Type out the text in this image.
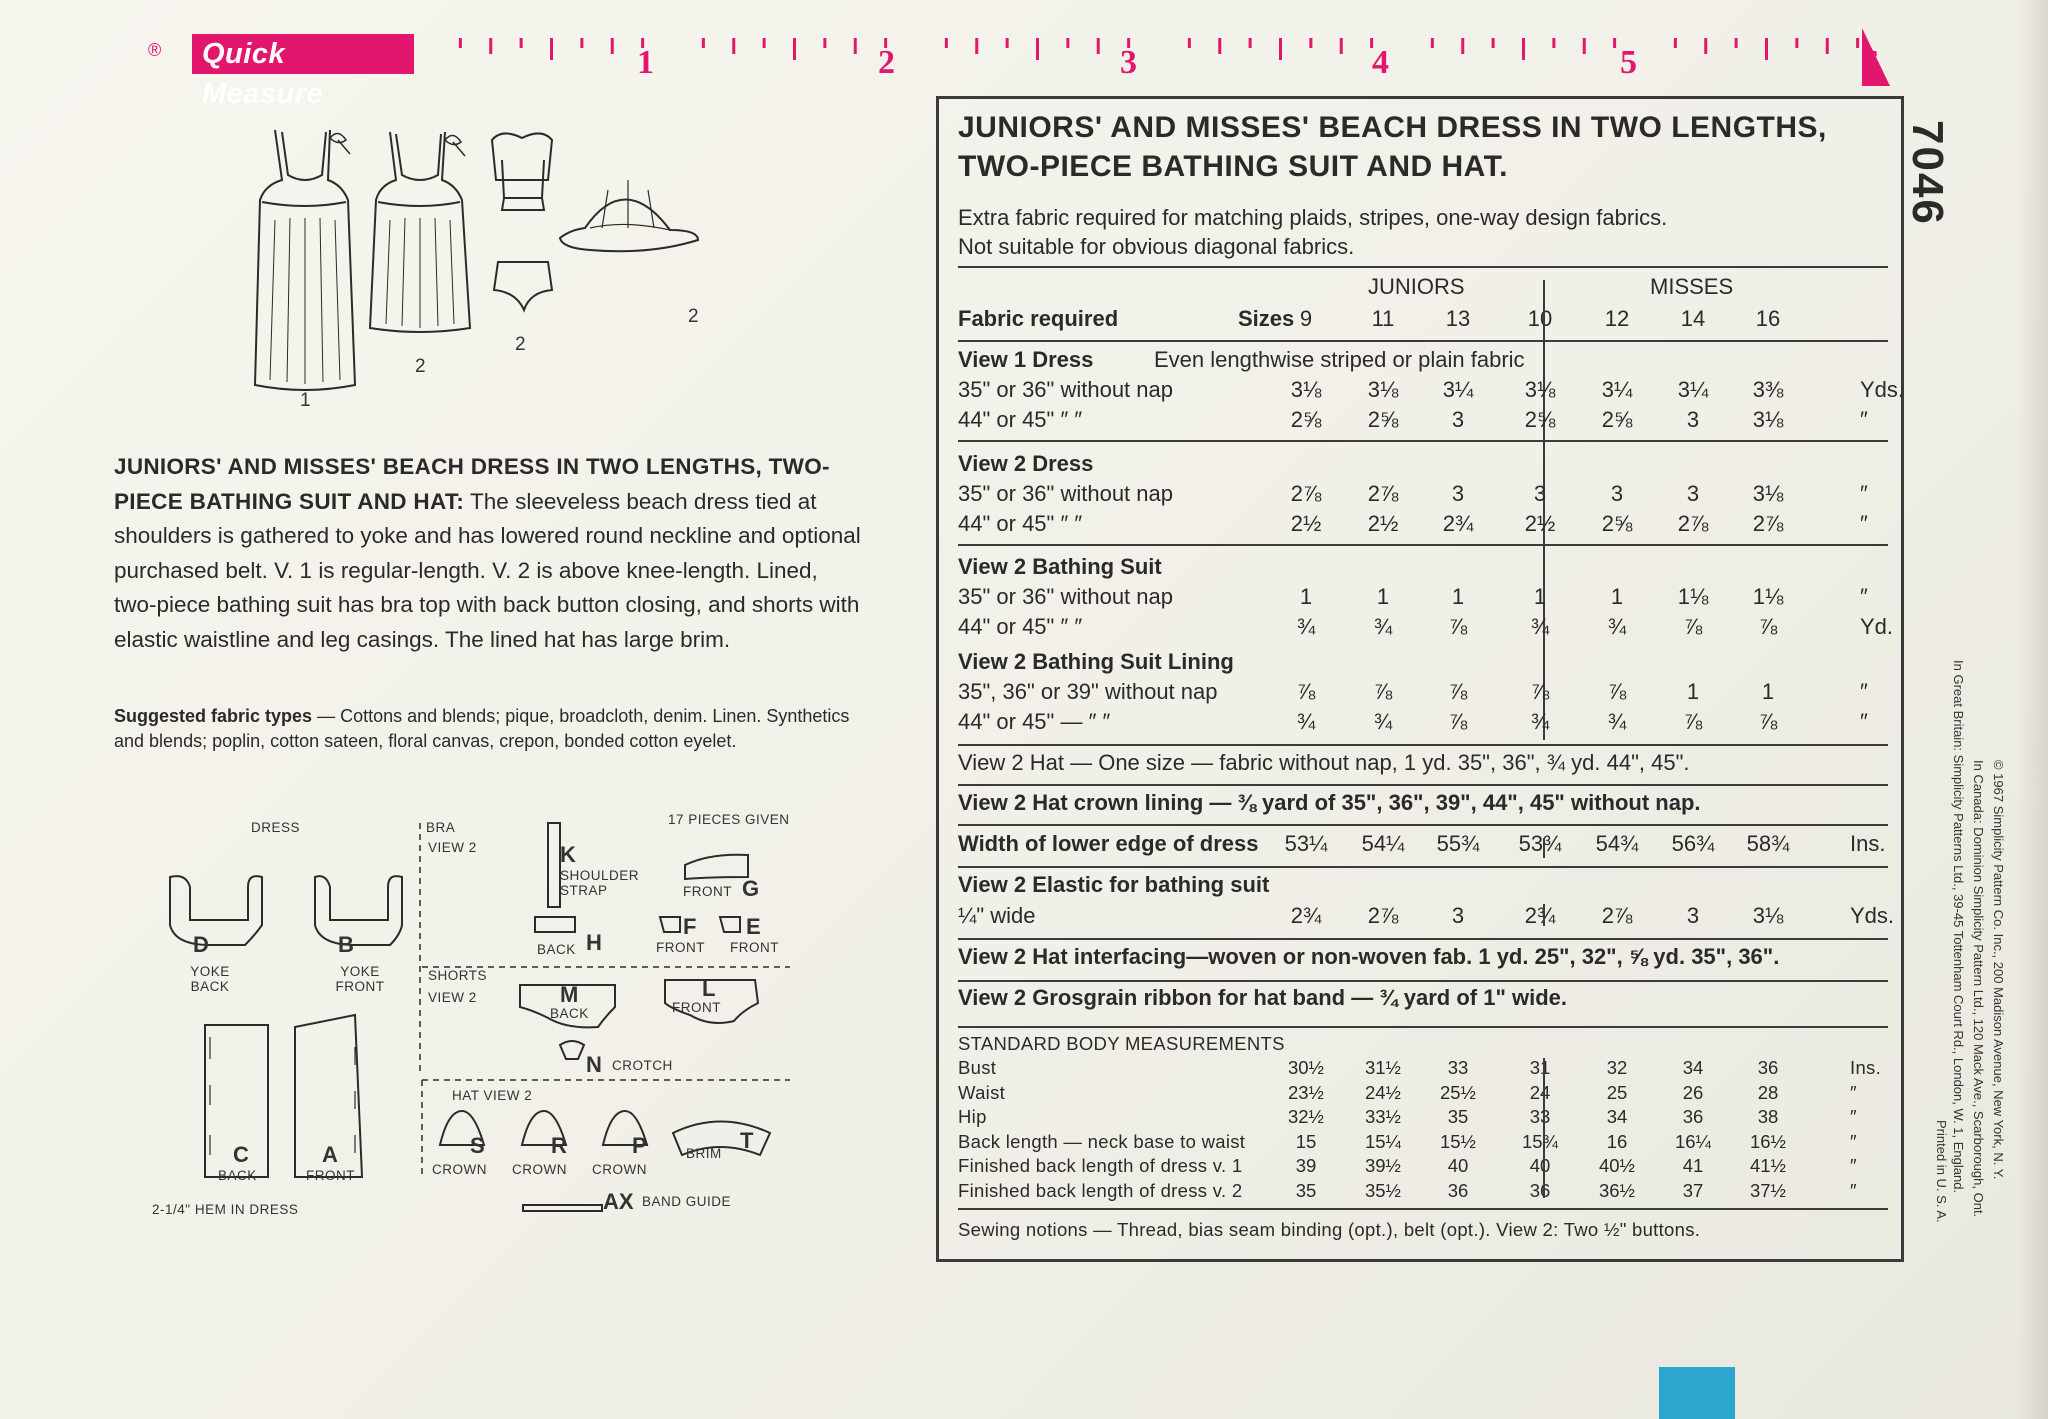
®	Quick Measure
1	2	3	4	5	6
1
2
2
2
JUNIORS' AND MISSES' BEACH DRESS IN TWO LENGTHS, TWO-PIECE BATHING SUIT AND HAT: The sleeveless beach dress tied at shoulders is gathered to yoke and has lowered round neckline and optional purchased belt. V. 1 is regular-length. V. 2 is above knee-length. Lined, two-piece bathing suit has bra top with back button closing, and shorts with elastic waistline and leg casings. The lined hat has large brim.
Suggested fabric types — Cottons and blends; pique, broadcloth, denim. Linen. Synthetics and blends; poplin, cotton sateen, floral canvas, crepon, bonded cotton eyelet.
DRESS	BRA
VIEW 2
17 PIECES GIVEN
SHORTS
VIEW 2
HAT VIEW 2
2-1/4" HEM IN DRESS
D
YOKE BACK
B
YOKE FRONT
C
BACK
A
FRONT
K
SHOULDER STRAP	G
FRONT
H
BACK
F
FRONT
E
FRONT
M
BACK
L
FRONT
N CROTCH
S
CROWN
R
CROWN
P
CROWN
T
BRIM
AX BAND GUIDE
JUNIORS' AND MISSES' BEACH DRESS IN TWO LENGTHS,
TWO-PIECE BATHING SUIT AND HAT.
Extra fabric required for matching plaids, stripes, one-way design fabrics.
Not suitable for obvious diagonal fabrics.
JUNIORS	MISSES
Fabric required	Sizes 9	11	13	10	12	14	16
View 1 Dress	Even lengthwise striped or plain fabric
35" or 36" without nap	3⅛	3⅛	3¼	3⅛	3¼	3¼	3⅜	Yds.
44" or 45" ″ ″	2⅝	2⅝	3	2⅝	2⅝	3	3⅛	″
View 2 Dress
35" or 36" without nap	2⅞	2⅞	3	3	3	3	3⅛	″
44" or 45" ″ ″	2½	2½	2¾	2½	2⅝	2⅞	2⅞	″
View 2 Bathing Suit
35" or 36" without nap	1	1	1	1	1	1⅛	1⅛	″
44" or 45" ″ ″	¾	¾	⅞	¾	¾	⅞	⅞	Yd.
View 2 Bathing Suit Lining
35", 36" or 39" without nap	⅞	⅞	⅞	⅞	⅞	1	1	″
44" or 45" — ″ ″	¾	¾	⅞	¾	¾	⅞	⅞	″
View 2 Hat — One size — fabric without nap, 1 yd. 35", 36", ¾ yd. 44", 45".
View 2 Hat crown lining — ⅜ yard of 35", 36", 39", 44", 45" without nap.
Width of lower edge of dress	53¼	54¼	55¾	53¾	54¾	56¾	58¾	Ins.
View 2 Elastic for bathing suit
¼" wide	2¾	2⅞	3	2¾	2⅞	3	3⅛	Yds.
View 2 Hat interfacing—woven or non-woven fab. 1 yd. 25", 32", ⅝ yd. 35", 36".
View 2 Grosgrain ribbon for hat band — ¾ yard of 1" wide.
STANDARD BODY MEASUREMENTS
Bust	30½	31½	33	31	32	34	36	Ins.
Waist	23½	24½	25½	24	25	26	28	″
Hip	32½	33½	35	33	34	36	38	″
Back length — neck base to waist	15	15¼	15½	15¾	16	16¼	16½	″
Finished back length of dress v. 1	39	39½	40	40	40½	41	41½	″
Finished back length of dress v. 2	35	35½	36	36	36½	37	37½	″
Sewing notions — Thread, bias seam binding (opt.), belt (opt.). View 2: Two ½" buttons.
7046
© 1967 Simplicity Pattern Co. Inc., 200 Madison Avenue, New York, N. Y.
In Canada: Dominion Simplicity Pattern Ltd., 120 Mack Ave., Scarborough, Ont.
In Great Britain: Simplicity Patterns Ltd., 39-45 Tottenham Court Rd., London, W. 1, England.
Printed in U. S. A.
